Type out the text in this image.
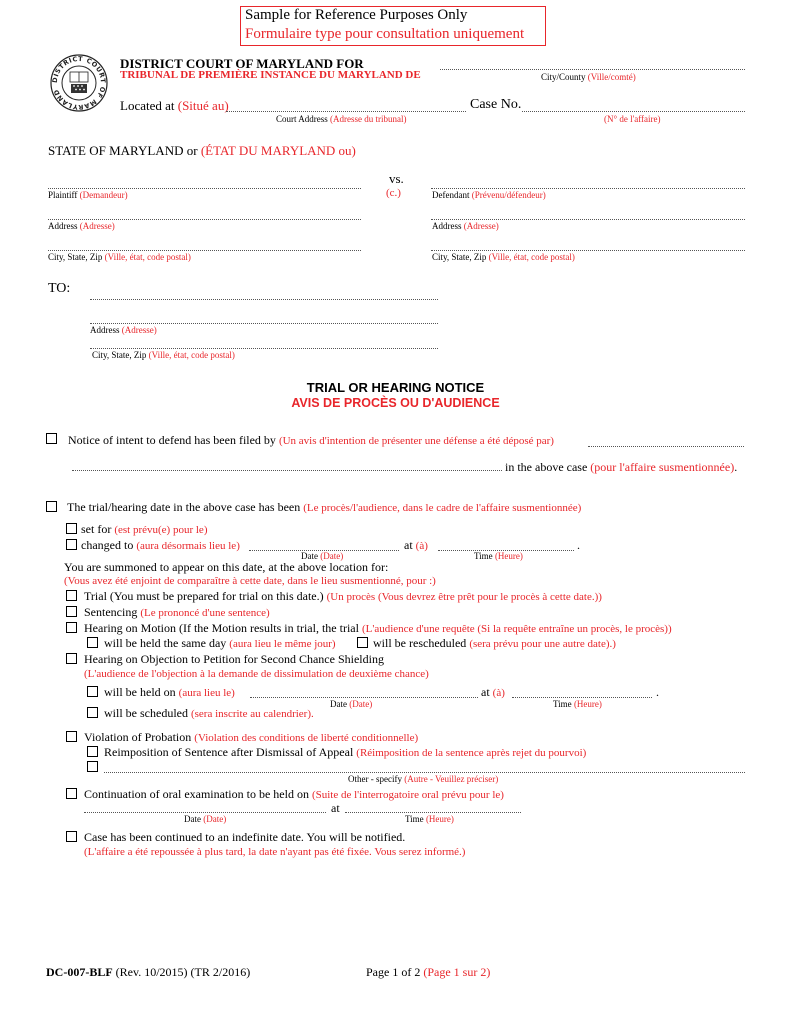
Sample for Reference Purposes Only
Formulaire type pour consultation uniquement
DISTRICT COURT OF MARYLAND
DISTRICT COURT OF MARYLAND FOR
TRIBUNAL DE PREMIÈRE INSTANCE DU MARYLAND DE	City/County (Ville/comté)
Located at (Situé au)
Court Address (Adresse du tribunal)
Case No.
(N° de l'affaire)
STATE OF MARYLAND or (ÉTAT DU MARYLAND ou)
vs.
(c.)
Plaintiff (Demandeur)	Defendant (Prévenu/défendeur)
Address (Adresse)	Address (Adresse)
City, State, Zip (Ville, état, code postal)	City, State, Zip (Ville, état, code postal)
TO:
Address (Adresse)
City, State, Zip (Ville, état, code postal)
TRIAL OR HEARING NOTICE
AVIS DE PROCÈS OU D'AUDIENCE
Notice of intent to defend has been filed by (Un avis d'intention de présenter une défense a été déposé par)
in the above case (pour l'affaire susmentionnée).
The trial/hearing date in the above case has been (Le procès/l'audience, dans le cadre de l'affaire susmentionnée)
set for (est prévu(e) pour le)
changed to (aura désormais lieu le)	at (à)	.
Date (Date)	Time (Heure)
You are summoned to appear on this date, at the above location for:
(Vous avez été enjoint de comparaître à cette date, dans le lieu susmentionné, pour :)
Trial (You must be prepared for trial on this date.) (Un procès (Vous devrez être prêt pour le procès à cette date.))
Sentencing (Le prononcé d'une sentence)
Hearing on Motion (If the Motion results in trial, the trial (L'audience d'une requête (Si la requête entraîne un procès, le procès))
will be held the same day (aura lieu le même jour)	will be rescheduled (sera prévu pour une autre date).)
Hearing on Objection to Petition for Second Chance Shielding
(L'audience de l'objection à la demande de dissimulation de deuxième chance)
will be held on (aura lieu le)	at (à)	.
Date (Date)	Time (Heure)
will be scheduled (sera inscrite au calendrier).
Violation of Probation (Violation des conditions de liberté conditionnelle)
Reimposition of Sentence after Dismissal of Appeal (Réimposition de la sentence après rejet du pourvoi)
Other - specify (Autre - Veuillez préciser)
Continuation of oral examination to be held on (Suite de l'interrogatoire oral prévu pour le)
at
Date (Date)	Time (Heure)
Case has been continued to an indefinite date. You will be notified.
(L'affaire a été repoussée à plus tard, la date n'ayant pas été fixée. Vous serez informé.)
DC-007-BLF (Rev. 10/2015) (TR 2/2016)	Page 1 of 2 (Page 1 sur 2)
